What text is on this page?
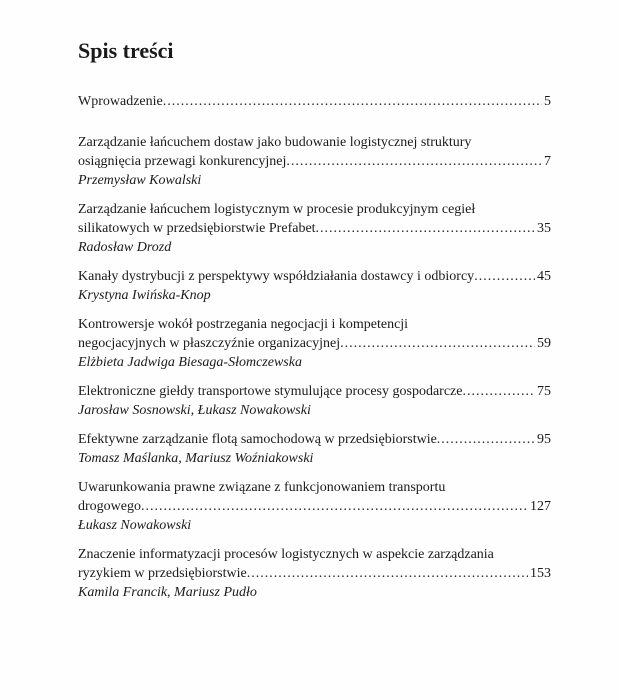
Spis treści
Wprowadzenie .....	5
Zarządzanie łańcuchem dostaw jako budowanie logistycznej struktury
osiągnięcia przewagi konkurencyjnej .....	7
Przemysław Kowalski
Zarządzanie łańcuchem logistycznym w procesie produkcyjnym cegieł
silikatowych w przedsiębiorstwie Prefabet .....	35
Radosław Drozd
Kanały dystrybucji z perspektywy współdziałania dostawcy i odbiorcy .....	45
Krystyna Iwińska-Knop
Kontrowersje wokół postrzegania negocjacji i kompetencji
negocjacyjnych w płaszczyźnie organizacyjnej .....	59
Elżbieta Jadwiga Biesaga-Słomczewska
Elektroniczne giełdy transportowe stymulujące procesy gospodarcze .....	75
Jarosław Sosnowski, Łukasz Nowakowski
Efektywne zarządzanie flotą samochodową w przedsiębiorstwie .....	95
Tomasz Maślanka, Mariusz Woźniakowski
Uwarunkowania prawne związane z funkcjonowaniem transportu
drogowego .....	127
Łukasz Nowakowski
Znaczenie informatyzacji procesów logistycznych w aspekcie zarządzania
ryzykiem w przedsiębiorstwie .....	153
Kamila Francik, Mariusz Pudło
